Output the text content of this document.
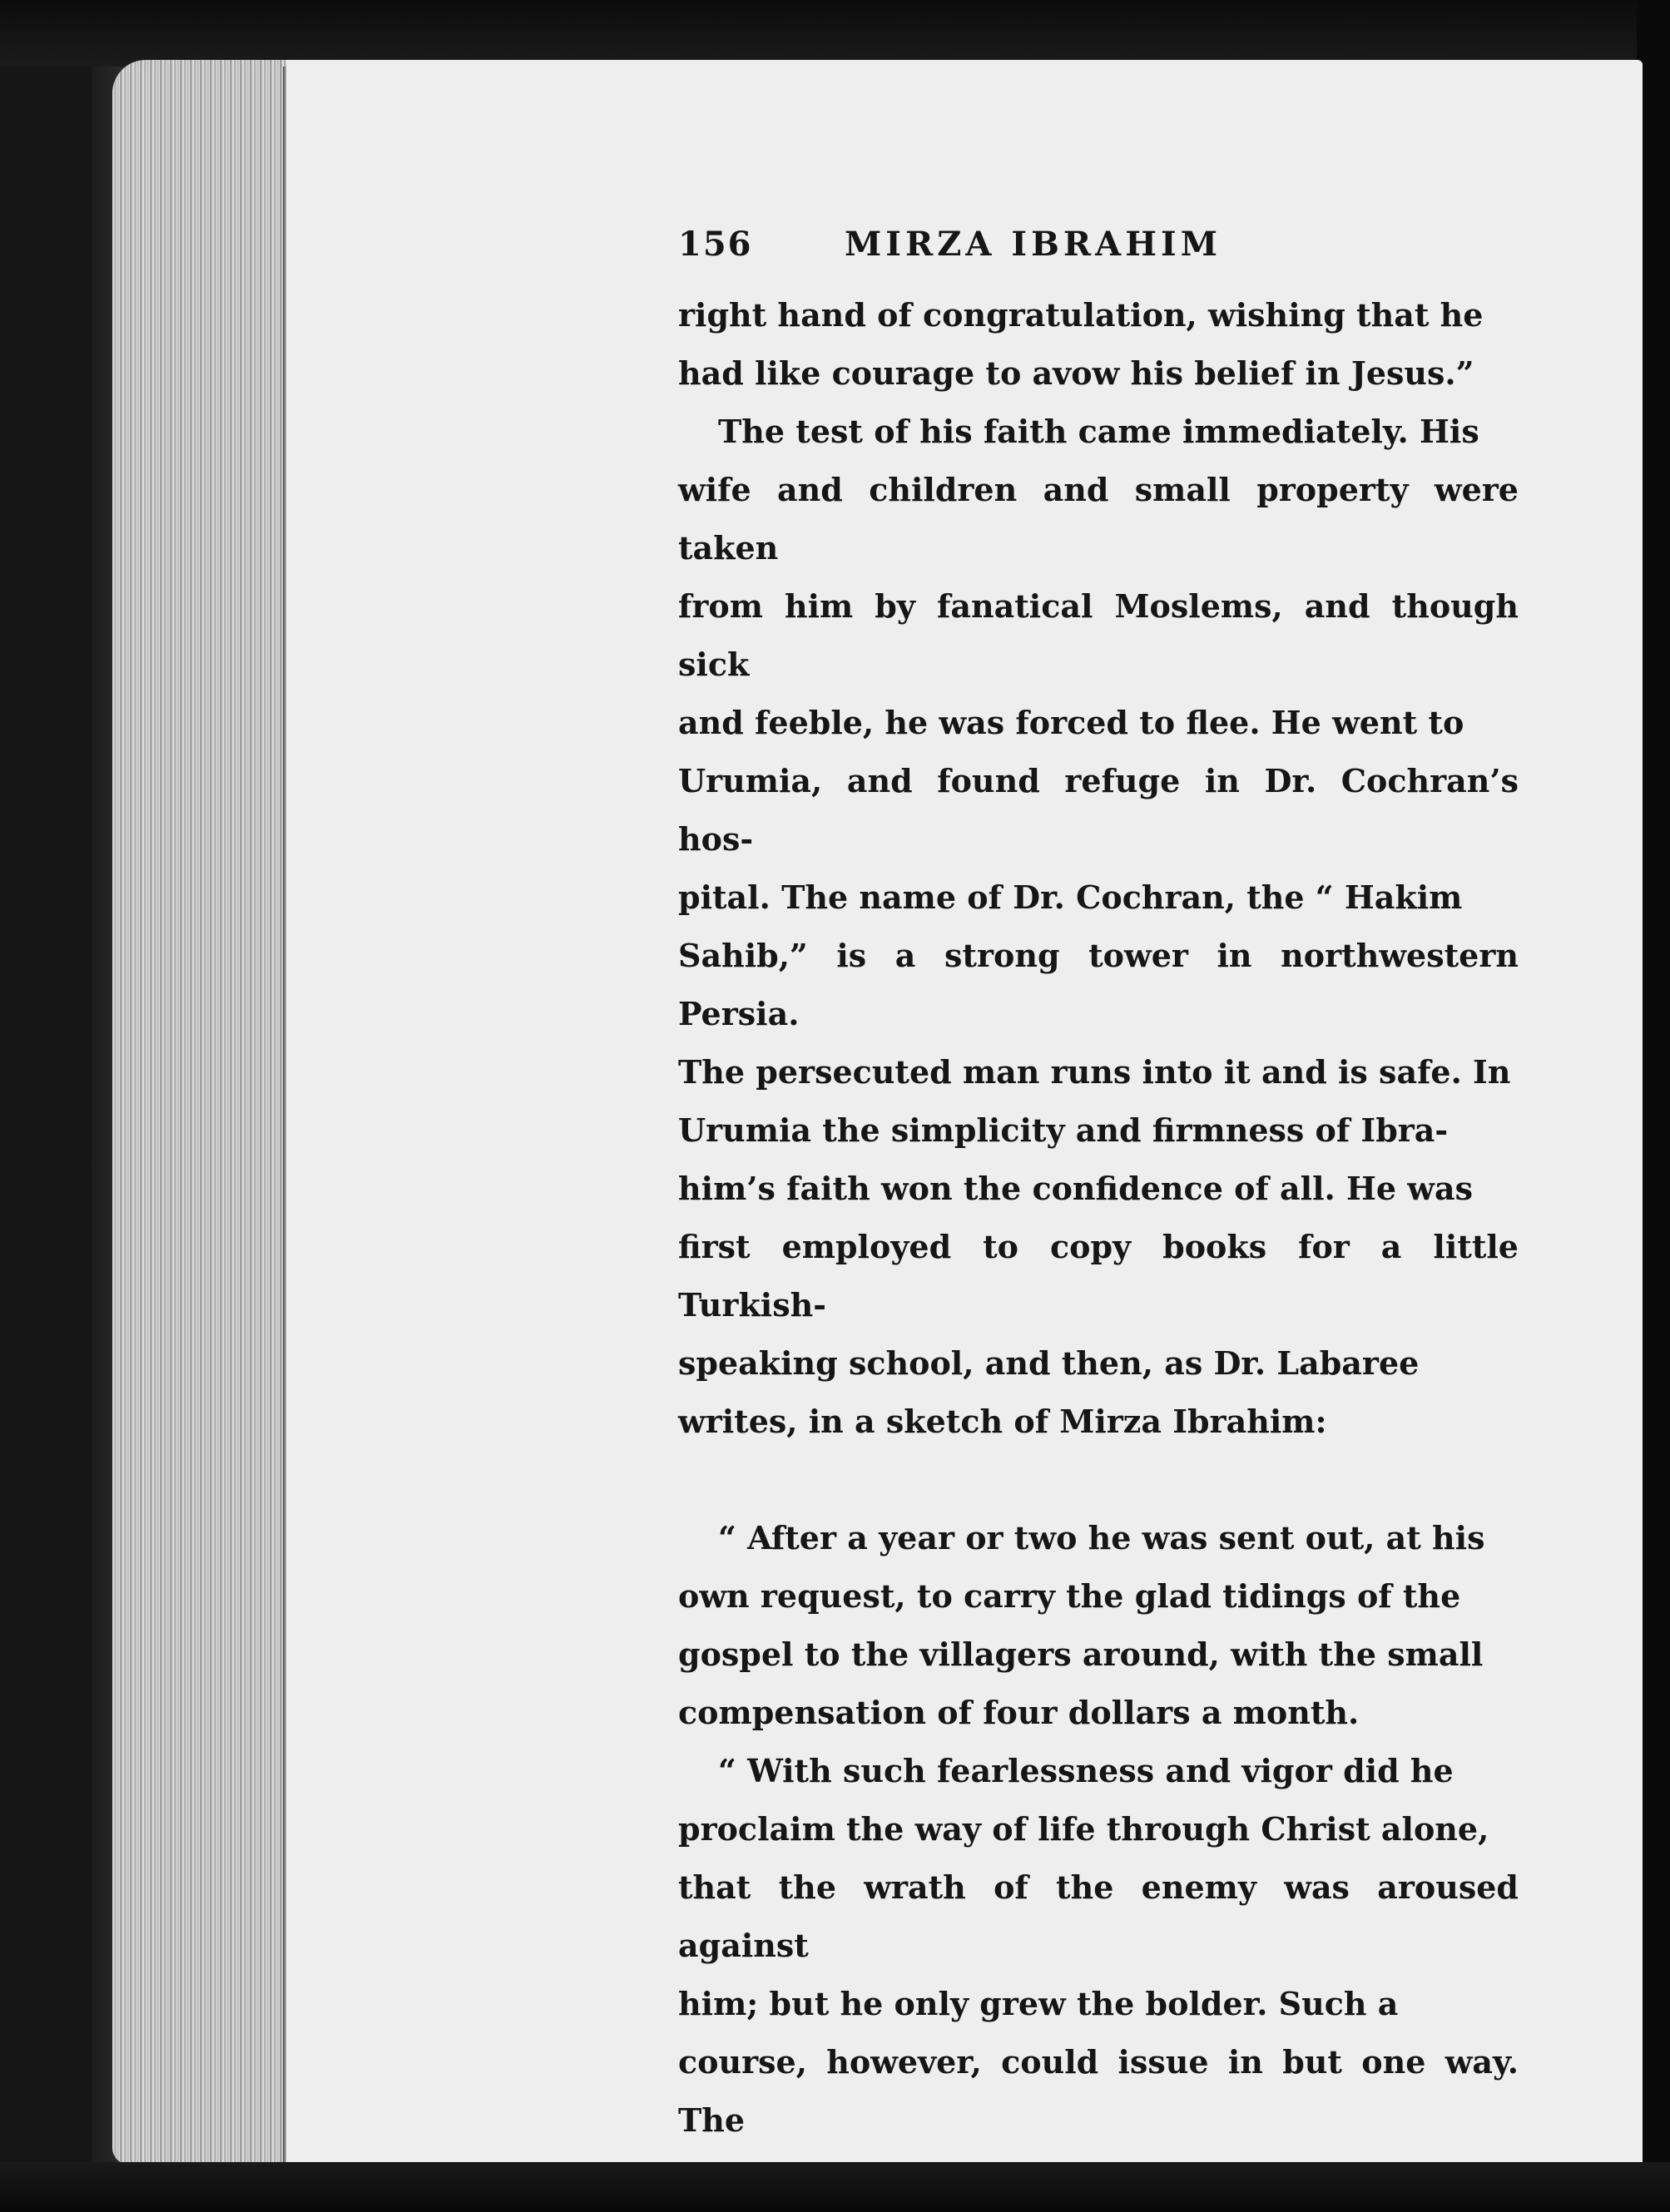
156	MIRZA IBRAHIM
right hand of congratulation, wishing that he
had like courage to avow his belief in Jesus.”
The test of his faith came immediately. His
wife and children and small property were taken
from him by fanatical Moslems, and though sick
and feeble, he was forced to flee. He went to
Urumia, and found refuge in Dr. Cochran’s hos-
pital. The name of Dr. Cochran, the “ Hakim
Sahib,” is a strong tower in northwestern Persia.
The persecuted man runs into it and is safe. In
Urumia the simplicity and firmness of Ibra-
him’s faith won the confidence of all. He was
first employed to copy books for a little Turkish-
speaking school, and then, as Dr. Labaree
writes, in a sketch of Mirza Ibrahim:
“ After a year or two he was sent out, at his
own request, to carry the glad tidings of the
gospel to the villagers around, with the small
compensation of four dollars a month.
“ With such fearlessness and vigor did he
proclaim the way of life through Christ alone,
that the wrath of the enemy was aroused against
him; but he only grew the bolder. Such a
course, however, could issue in but one way. The
